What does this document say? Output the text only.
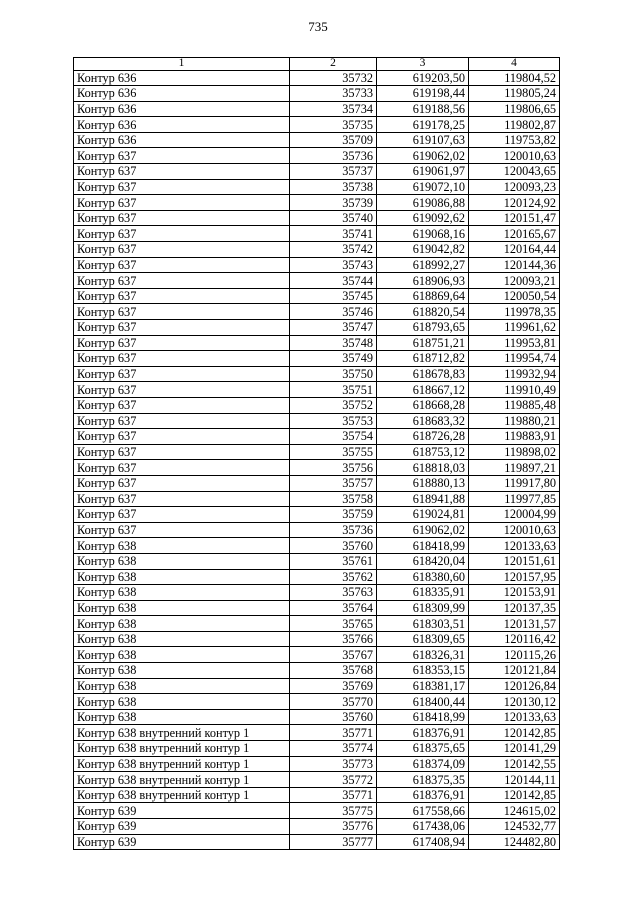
735
1	2	3	4
Контур 636	35732	619203,50	119804,52
Контур 636	35733	619198,44	119805,24
Контур 636	35734	619188,56	119806,65
Контур 636	35735	619178,25	119802,87
Контур 636	35709	619107,63	119753,82
Контур 637	35736	619062,02	120010,63
Контур 637	35737	619061,97	120043,65
Контур 637	35738	619072,10	120093,23
Контур 637	35739	619086,88	120124,92
Контур 637	35740	619092,62	120151,47
Контур 637	35741	619068,16	120165,67
Контур 637	35742	619042,82	120164,44
Контур 637	35743	618992,27	120144,36
Контур 637	35744	618906,93	120093,21
Контур 637	35745	618869,64	120050,54
Контур 637	35746	618820,54	119978,35
Контур 637	35747	618793,65	119961,62
Контур 637	35748	618751,21	119953,81
Контур 637	35749	618712,82	119954,74
Контур 637	35750	618678,83	119932,94
Контур 637	35751	618667,12	119910,49
Контур 637	35752	618668,28	119885,48
Контур 637	35753	618683,32	119880,21
Контур 637	35754	618726,28	119883,91
Контур 637	35755	618753,12	119898,02
Контур 637	35756	618818,03	119897,21
Контур 637	35757	618880,13	119917,80
Контур 637	35758	618941,88	119977,85
Контур 637	35759	619024,81	120004,99
Контур 637	35736	619062,02	120010,63
Контур 638	35760	618418,99	120133,63
Контур 638	35761	618420,04	120151,61
Контур 638	35762	618380,60	120157,95
Контур 638	35763	618335,91	120153,91
Контур 638	35764	618309,99	120137,35
Контур 638	35765	618303,51	120131,57
Контур 638	35766	618309,65	120116,42
Контур 638	35767	618326,31	120115,26
Контур 638	35768	618353,15	120121,84
Контур 638	35769	618381,17	120126,84
Контур 638	35770	618400,44	120130,12
Контур 638	35760	618418,99	120133,63
Контур 638 внутренний контур 1	35771	618376,91	120142,85
Контур 638 внутренний контур 1	35774	618375,65	120141,29
Контур 638 внутренний контур 1	35773	618374,09	120142,55
Контур 638 внутренний контур 1	35772	618375,35	120144,11
Контур 638 внутренний контур 1	35771	618376,91	120142,85
Контур 639	35775	617558,66	124615,02
Контур 639	35776	617438,06	124532,77
Контур 639	35777	617408,94	124482,80
